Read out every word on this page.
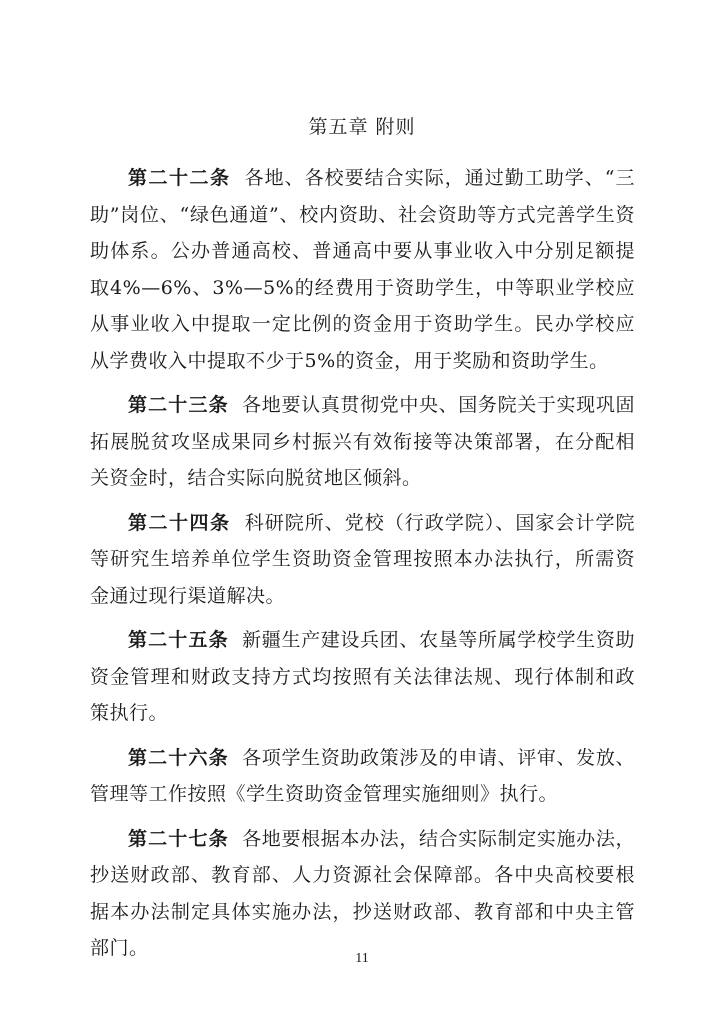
第五章 附则

第二十二条 各地、各校要结合实际，通过勤工助学、“三助”岗位、“绿色通道”、校内资助、社会资助等方式完善学生资助体系。公办普通高校、普通高中要从事业收入中分别足额提取4%—6%、3%—5%的经费用于资助学生，中等职业学校应从事业收入中提取一定比例的资金用于资助学生。民办学校应从学费收入中提取不少于5%的资金，用于奖励和资助学生。

第二十三条 各地要认真贯彻党中央、国务院关于实现巩固拓展脱贫攻坚成果同乡村振兴有效衔接等决策部署，在分配相关资金时，结合实际向脱贫地区倾斜。

第二十四条 科研院所、党校（行政学院）、国家会计学院等研究生培养单位学生资助资金管理按照本办法执行，所需资金通过现行渠道解决。

第二十五条 新疆生产建设兵团、农垦等所属学校学生资助资金管理和财政支持方式均按照有关法律法规、现行体制和政策执行。

第二十六条 各项学生资助政策涉及的申请、评审、发放、管理等工作按照《学生资助资金管理实施细则》执行。

第二十七条 各地要根据本办法，结合实际制定实施办法，抄送财政部、教育部、人力资源社会保障部。各中央高校要根据本办法制定具体实施办法，抄送财政部、教育部和中央主管部门。	11
